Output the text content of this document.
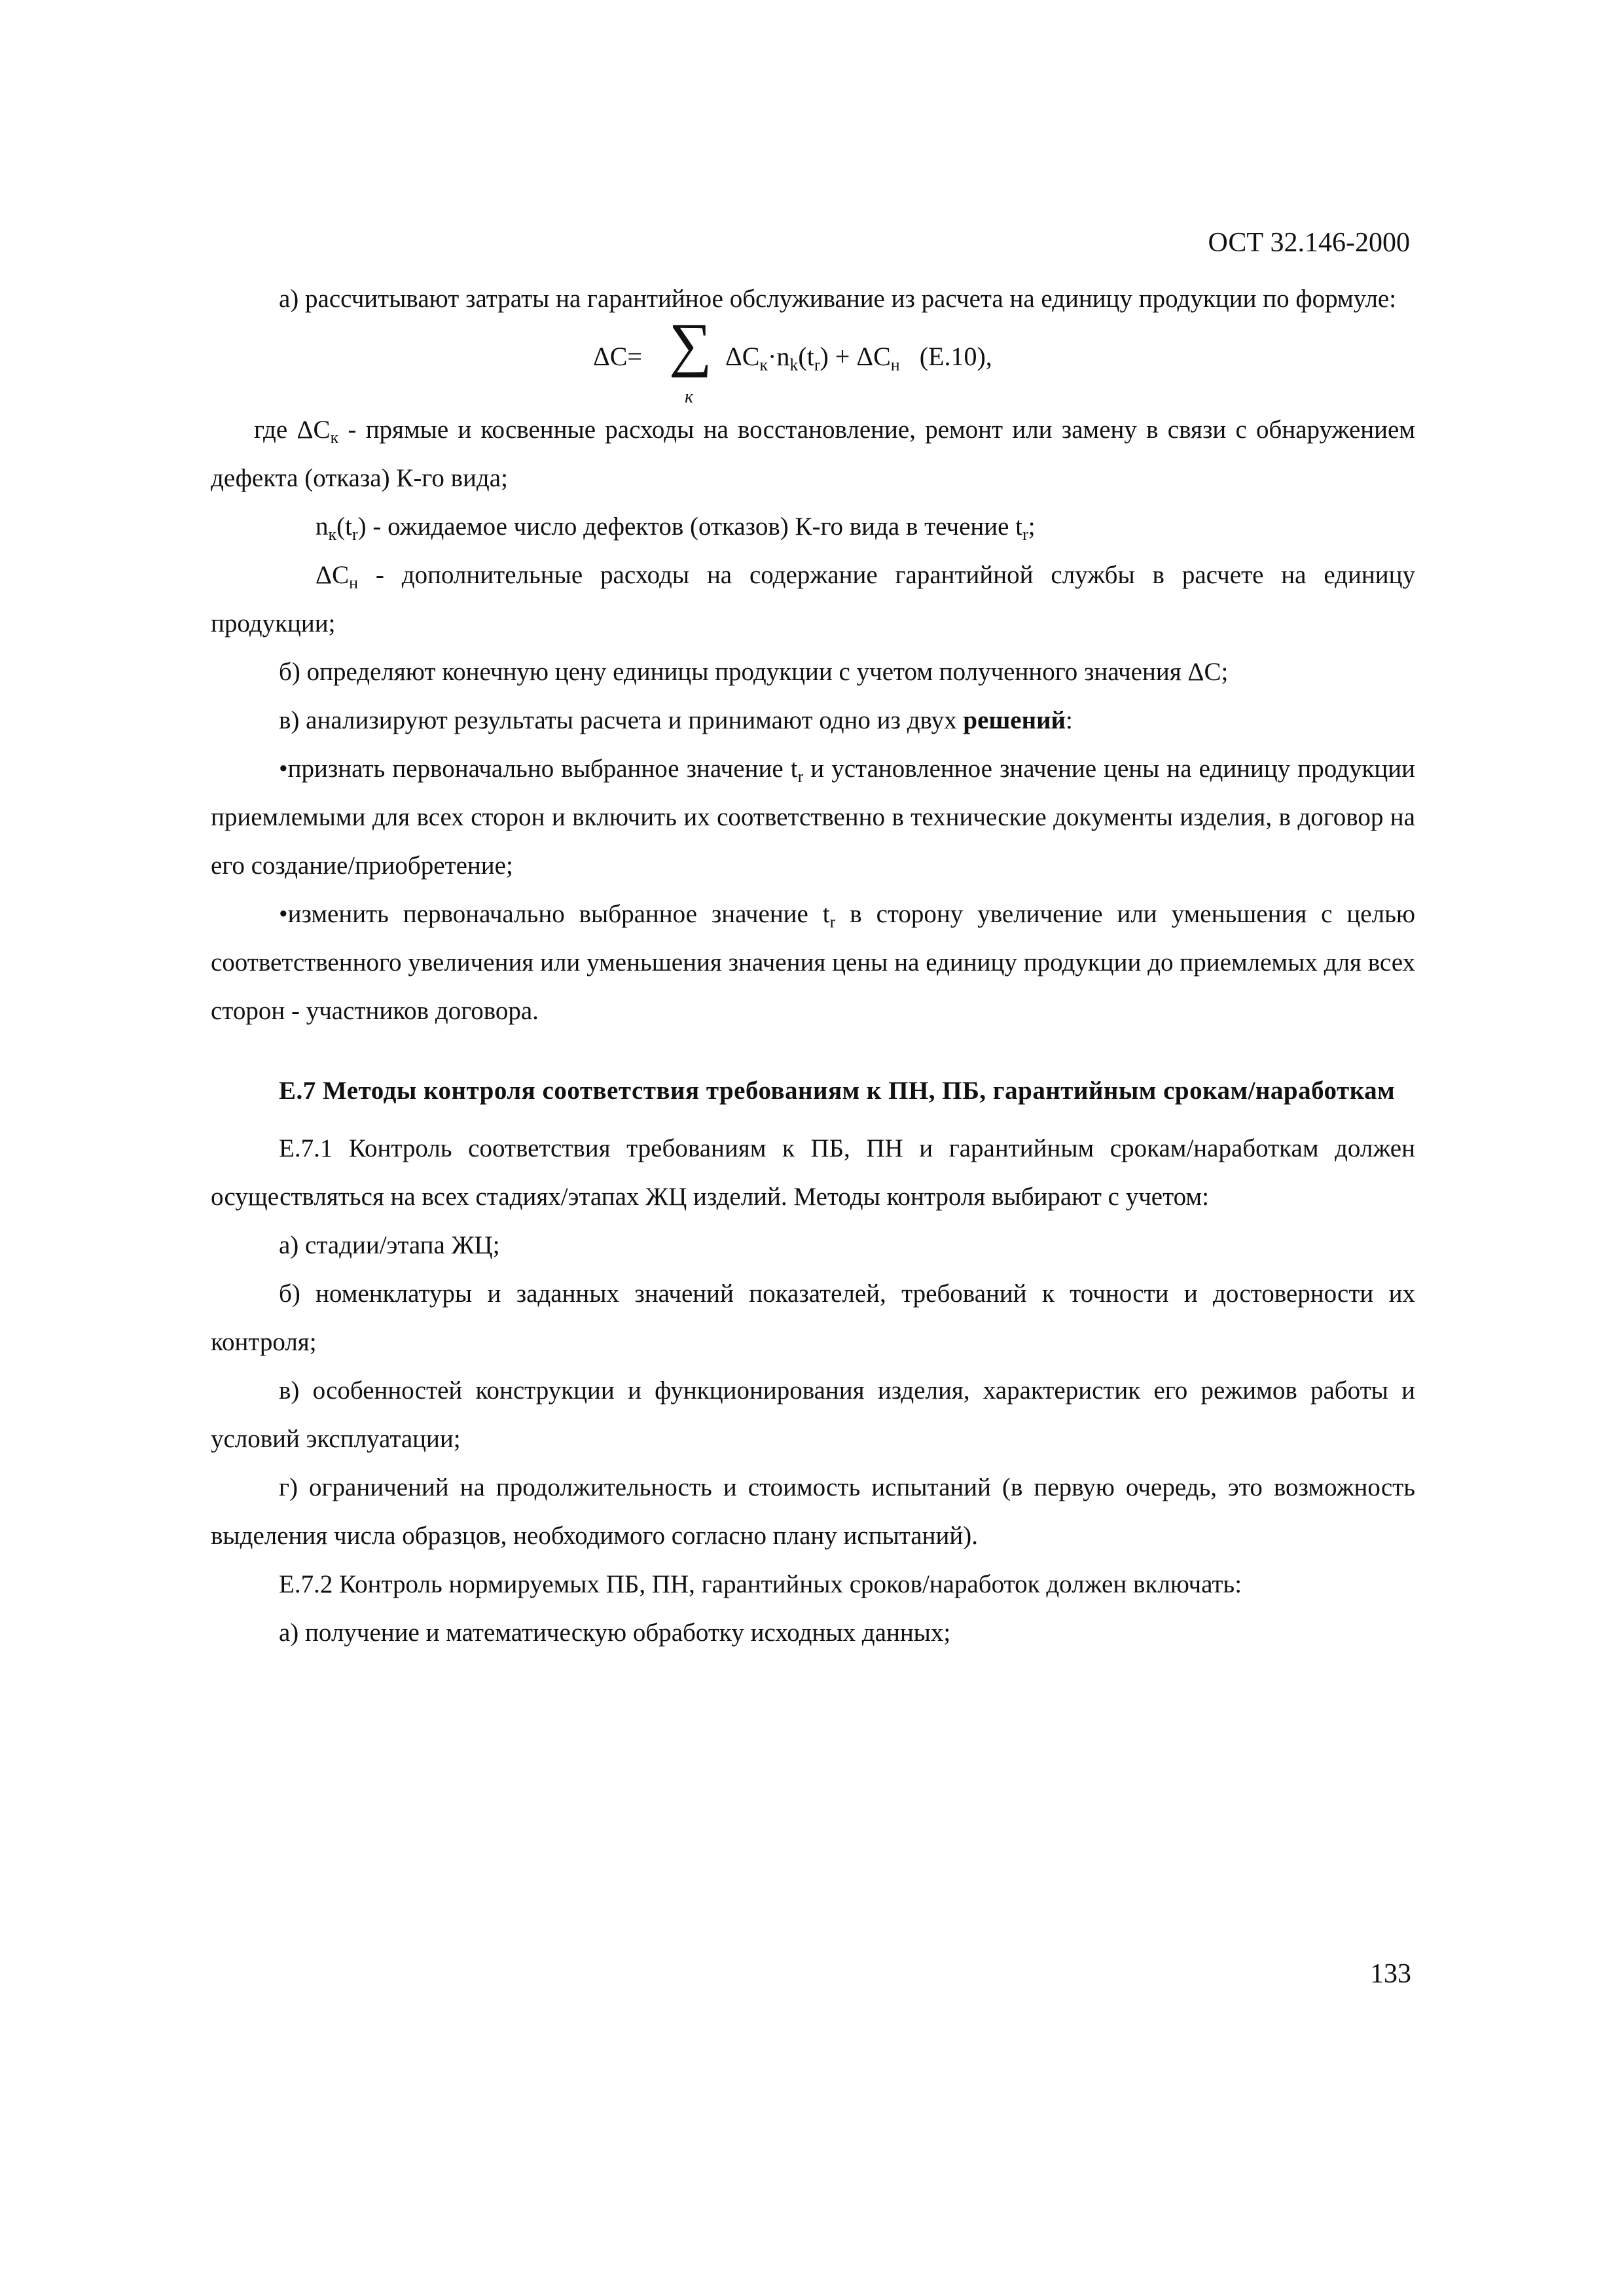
ОСТ 32.146-2000

а) рассчитывают затраты на гарантийное обслуживание из расчета на единицу продукции по формуле:

ΔC= ∑
к
$\Delta C_к\cdot n_k(t_r) + \Delta C_н$ (Е.10),

где $\Delta C_к$ - прямые и косвенные расходы на восстановление, ремонт или замену в связи с обнаружением дефекта (отказа) К-го вида;

$n_к(t_r)$ - ожидаемое число дефектов (отказов) К-го вида в течение $t_r$;

$\Delta C_н$ - дополнительные расходы на содержание гарантийной службы в расчете на единицу продукции;

б) определяют конечную цену единицы продукции с учетом полученного значения ΔC;

в) анализируют результаты расчета и принимают одно из двух решений:

•признать первоначально выбранное значение $t_r$ и установленное значение цены на единицу продукции приемлемыми для всех сторон и включить их соответственно в технические документы изделия, в договор на его создание/приобретение;

•изменить первоначально выбранное значение $t_r$ в сторону увеличение или уменьшения с целью соответственного увеличения или уменьшения значения цены на единицу продукции до приемлемых для всех сторон - участников договора.

Е.7 Методы контроля соответствия требованиям к ПН, ПБ, гарантийным срокам/наработкам

Е.7.1 Контроль соответствия требованиям к ПБ, ПН и гарантийным срокам/наработкам должен осуществляться на всех стадиях/этапах ЖЦ изделий. Методы контроля выбирают с учетом:

а) стадии/этапа ЖЦ;

б) номенклатуры и заданных значений показателей, требований к точности и достоверности их контроля;

в) особенностей конструкции и функционирования изделия, характеристик его режимов работы и условий эксплуатации;

г) ограничений на продолжительность и стоимость испытаний (в первую очередь, это возможность выделения числа образцов, необходимого согласно плану испытаний).

Е.7.2 Контроль нормируемых ПБ, ПН, гарантийных сроков/наработок должен включать:

а) получение и математическую обработку исходных данных;

133
